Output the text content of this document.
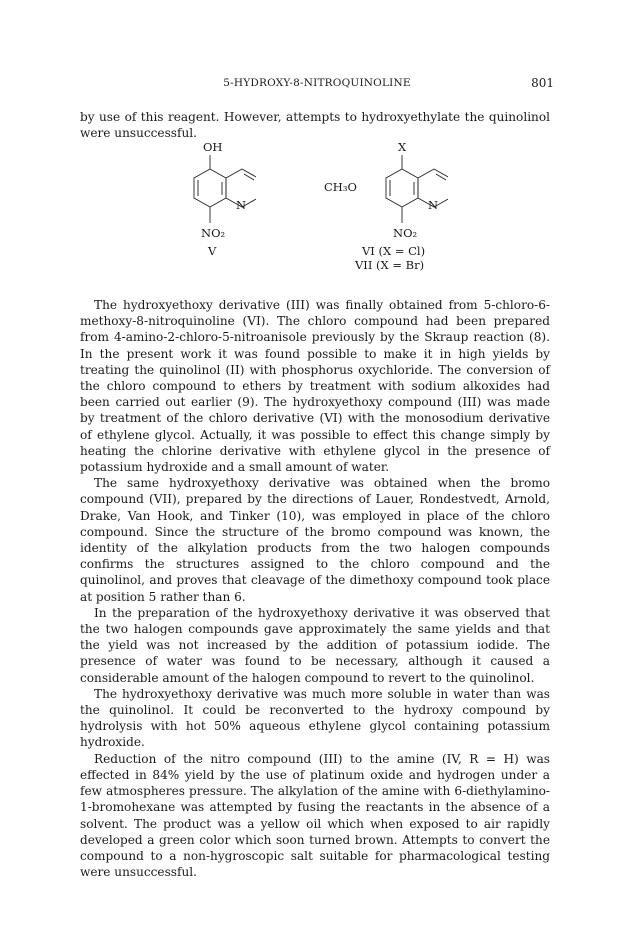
5-HYDROXY-8-NITROQUINOLINE	801

by use of this reagent. However, attempts to hydroxyethylate the quinolinol were unsuccessful.

OH
N
NO₂
V
X
CH₃O
N
NO₂
VI (X = Cl)
VII (X = Br)

The hydroxyethoxy derivative (III) was finally obtained from 5-chloro-6-methoxy-8-nitroquinoline (VI). The chloro compound had been prepared from 4-amino-2-chloro-5-nitroanisole previously by the Skraup reaction (8). In the present work it was found possible to make it in high yields by treating the quinolinol (II) with phosphorus oxychloride. The conversion of the chloro compound to ethers by treatment with sodium alkoxides had been carried out earlier (9). The hydroxyethoxy compound (III) was made by treatment of the chloro derivative (VI) with the monosodium derivative of ethylene glycol. Actually, it was possible to effect this change simply by heating the chlorine derivative with ethylene glycol in the presence of potassium hydroxide and a small amount of water.

The same hydroxyethoxy derivative was obtained when the bromo compound (VII), prepared by the directions of Lauer, Rondestvedt, Arnold, Drake, Van Hook, and Tinker (10), was employed in place of the chloro compound. Since the structure of the bromo compound was known, the identity of the alkylation products from the two halogen compounds confirms the structures assigned to the chloro compound and the quinolinol, and proves that cleavage of the dimethoxy compound took place at position 5 rather than 6.

In the preparation of the hydroxyethoxy derivative it was observed that the two halogen compounds gave approximately the same yields and that the yield was not increased by the addition of potassium iodide. The presence of water was found to be necessary, although it caused a considerable amount of the halogen compound to revert to the quinolinol.

The hydroxyethoxy derivative was much more soluble in water than was the quinolinol. It could be reconverted to the hydroxy compound by hydrolysis with hot 50% aqueous ethylene glycol containing potassium hydroxide.

Reduction of the nitro compound (III) to the amine (IV, R = H) was effected in 84% yield by the use of platinum oxide and hydrogen under a few atmospheres pressure. The alkylation of the amine with 6-diethylamino-1-bromohexane was attempted by fusing the reactants in the absence of a solvent. The product was a yellow oil which when exposed to air rapidly developed a green color which soon turned brown. Attempts to convert the compound to a non-hygroscopic salt suitable for pharmacological testing were unsuccessful.
